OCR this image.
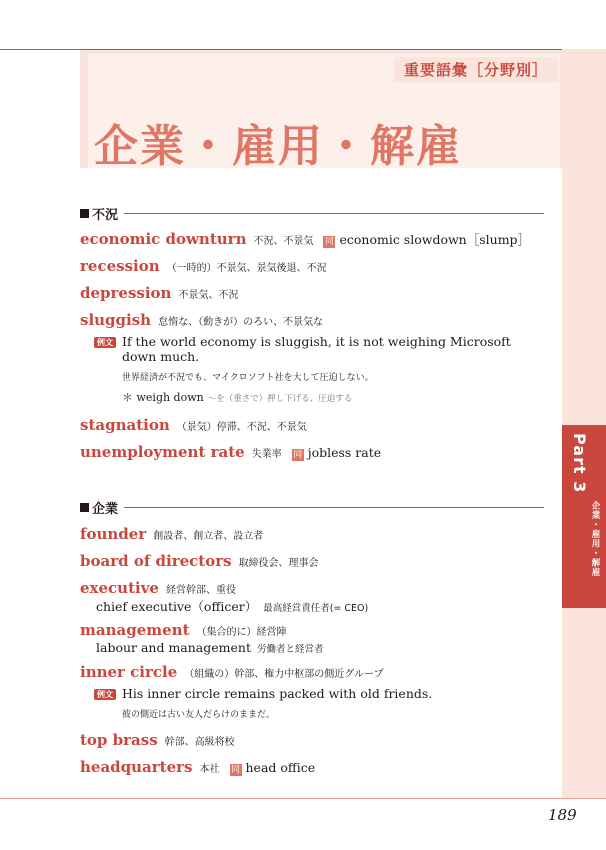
重要語彙［分野別］
企業・雇用・解雇
不況
economic downturn 不況、不景気 同 economic slowdown［slump］
recession （一時的）不景気、景気後退、不況
depression 不景気、不況
sluggish 怠惰な、（動きが）のろい、不景気な
例文 If the world economy is sluggish, it is not weighing Microsoft down much.

世界経済が不況でも、マイクロソフト社を大して圧迫しない。

＊ weigh down ～を（重さで）押し下げる、圧迫する

stagnation （景気）停滞、不況、不景気
unemployment rate 失業率 同 jobless rate
企業
founder 創設者、創立者、設立者
board of directors 取締役会、理事会
executive 経営幹部、重役
chief executive（officer） 最高経営責任者(= CEO)
management （集合的に）経営陣
labour and management 労働者と経営者
inner circle （組織の）幹部、権力中枢部の側近グループ
例文 His inner circle remains packed with old friends.

彼の側近は古い友人だらけのままだ。

top brass 幹部、高級将校
headquarters 本社 同 head office
Part 3
企業・雇用・解雇
189
